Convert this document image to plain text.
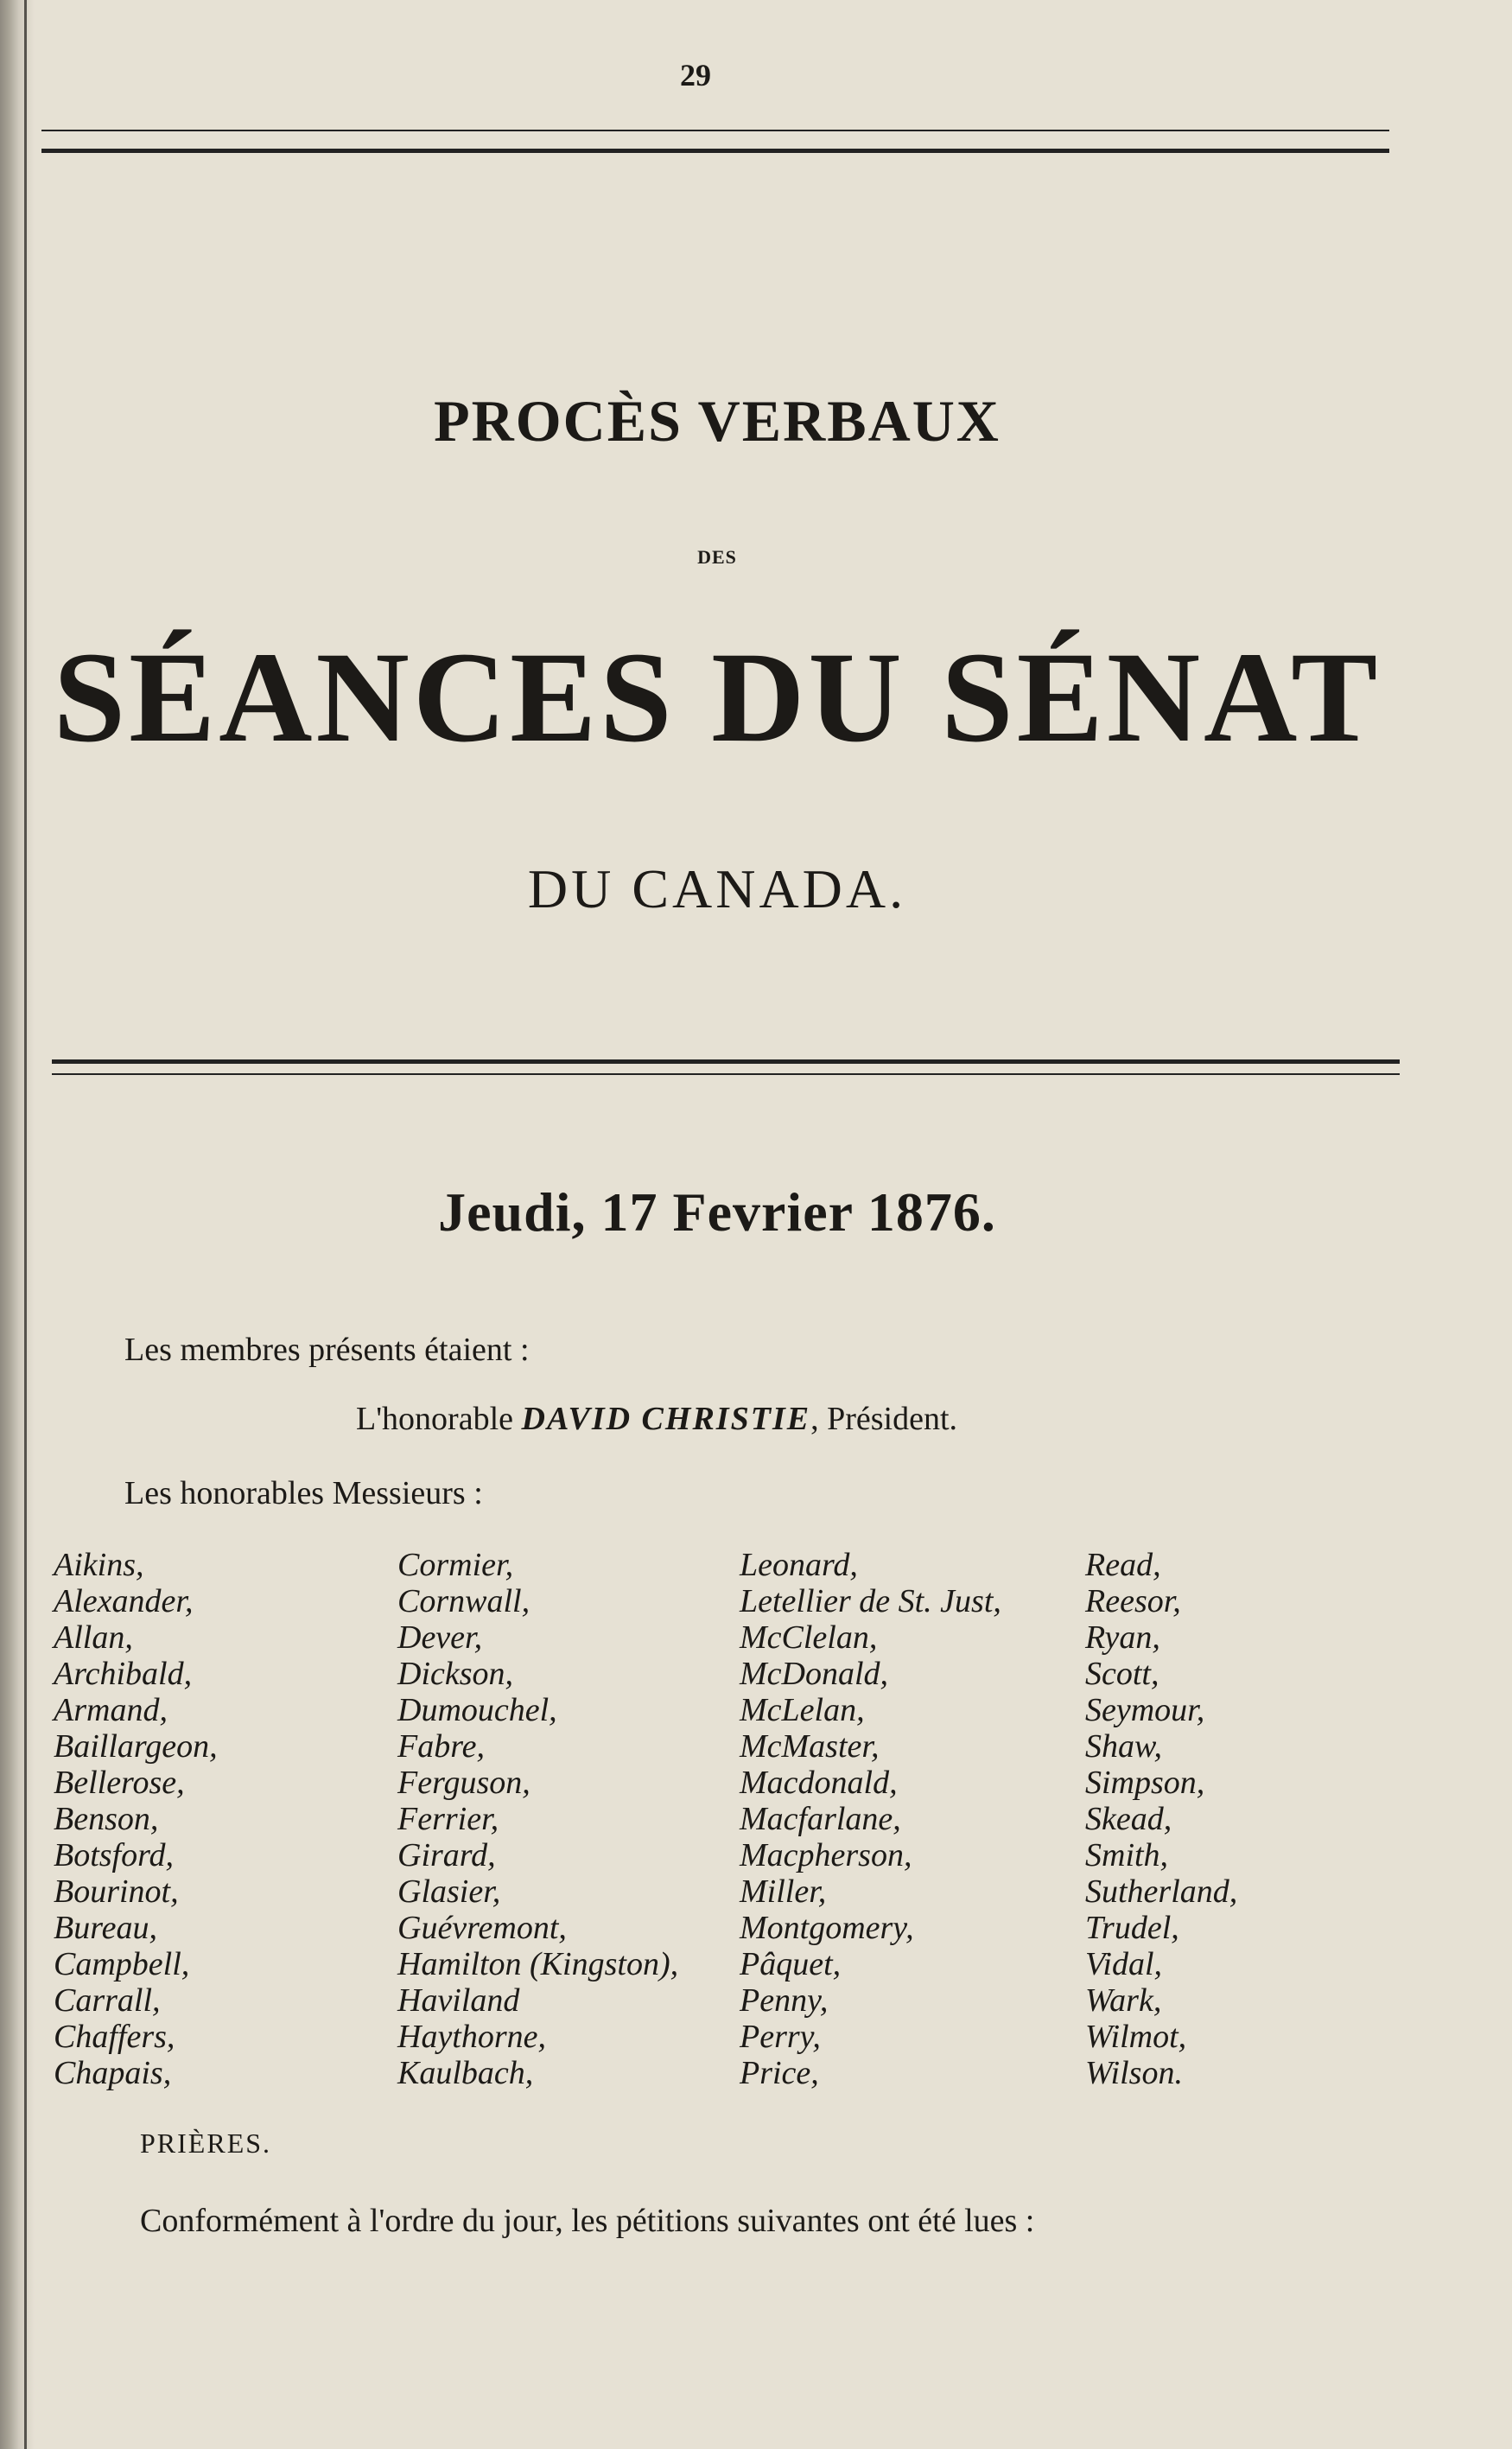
29
PROCÈS VERBAUX
DES
SÉANCES DU SÉNAT
DU CANADA.
Jeudi, 17 Fevrier 1876.
Les membres présents étaient :
L'honorable DAVID CHRISTIE, Président.
Les honorables Messieurs :
Aikins,
Alexander,
Allan,
Archibald,
Armand,
Baillargeon,
Bellerose,
Benson,
Botsford,
Bourinot,
Bureau,
Campbell,
Carrall,
Chaffers,
Chapais,
Cormier,
Cornwall,
Dever,
Dickson,
Dumouchel,
Fabre,
Ferguson,
Ferrier,
Girard,
Glasier,
Guévremont,
Hamilton (Kingston),
Haviland
Haythorne,
Kaulbach,
Leonard,
Letellier de St. Just,
McClelan,
McDonald,
McLelan,
McMaster,
Macdonald,
Macfarlane,
Macpherson,
Miller,
Montgomery,
Pâquet,
Penny,
Perry,
Price,
Read,
Reesor,
Ryan,
Scott,
Seymour,
Shaw,
Simpson,
Skead,
Smith,
Sutherland,
Trudel,
Vidal,
Wark,
Wilmot,
Wilson.
PRIÈRES.
Conformément à l'ordre du jour, les pétitions suivantes ont été lues :
